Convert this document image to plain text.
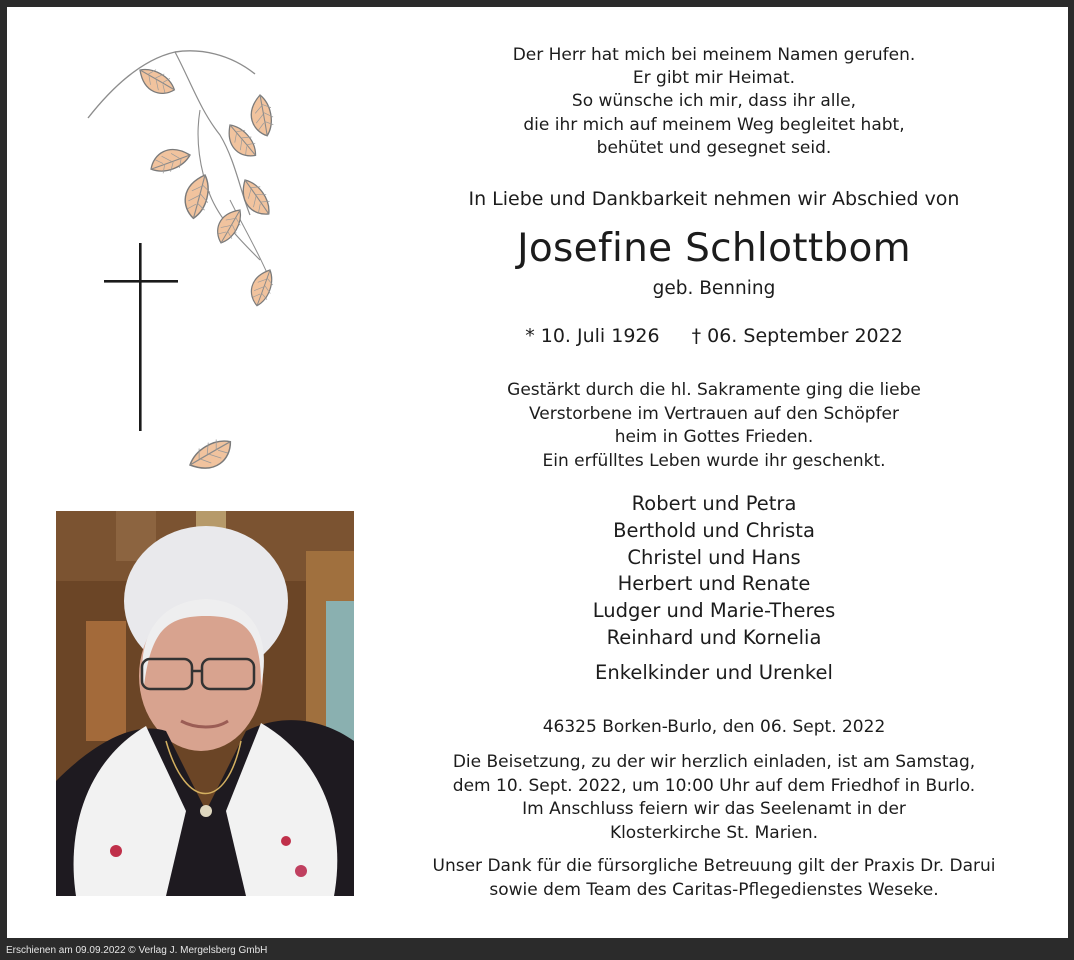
Der Herr hat mich bei meinem Namen gerufen.
Er gibt mir Heimat.
So wünsche ich mir, dass ihr alle,
die ihr mich auf meinem Weg begleitet habt,
behütet und gesegnet seid.
In Liebe und Dankbarkeit nehmen wir Abschied von
Josefine Schlottbom
geb. Benning
* 10. Juli 1926 † 06. September 2022
Gestärkt durch die hl. Sakramente ging die liebe
Verstorbene im Vertrauen auf den Schöpfer
heim in Gottes Frieden.
Ein erfülltes Leben wurde ihr geschenkt.
Robert und Petra
Berthold und Christa
Christel und Hans
Herbert und Renate
Ludger und Marie-Theres
Reinhard und Kornelia
Enkelkinder und Urenkel
46325 Borken-Burlo, den 06. Sept. 2022
Die Beisetzung, zu der wir herzlich einladen, ist am Samstag,
dem 10. Sept. 2022, um 10:00 Uhr auf dem Friedhof in Burlo.
Im Anschluss feiern wir das Seelenamt in der
Klosterkirche St. Marien.
Unser Dank für die fürsorgliche Betreuung gilt der Praxis Dr. Darui
sowie dem Team des Caritas-Pflegedienstes Weseke.
Erschienen am 09.09.2022 © Verlag J. Mergelsberg GmbH
